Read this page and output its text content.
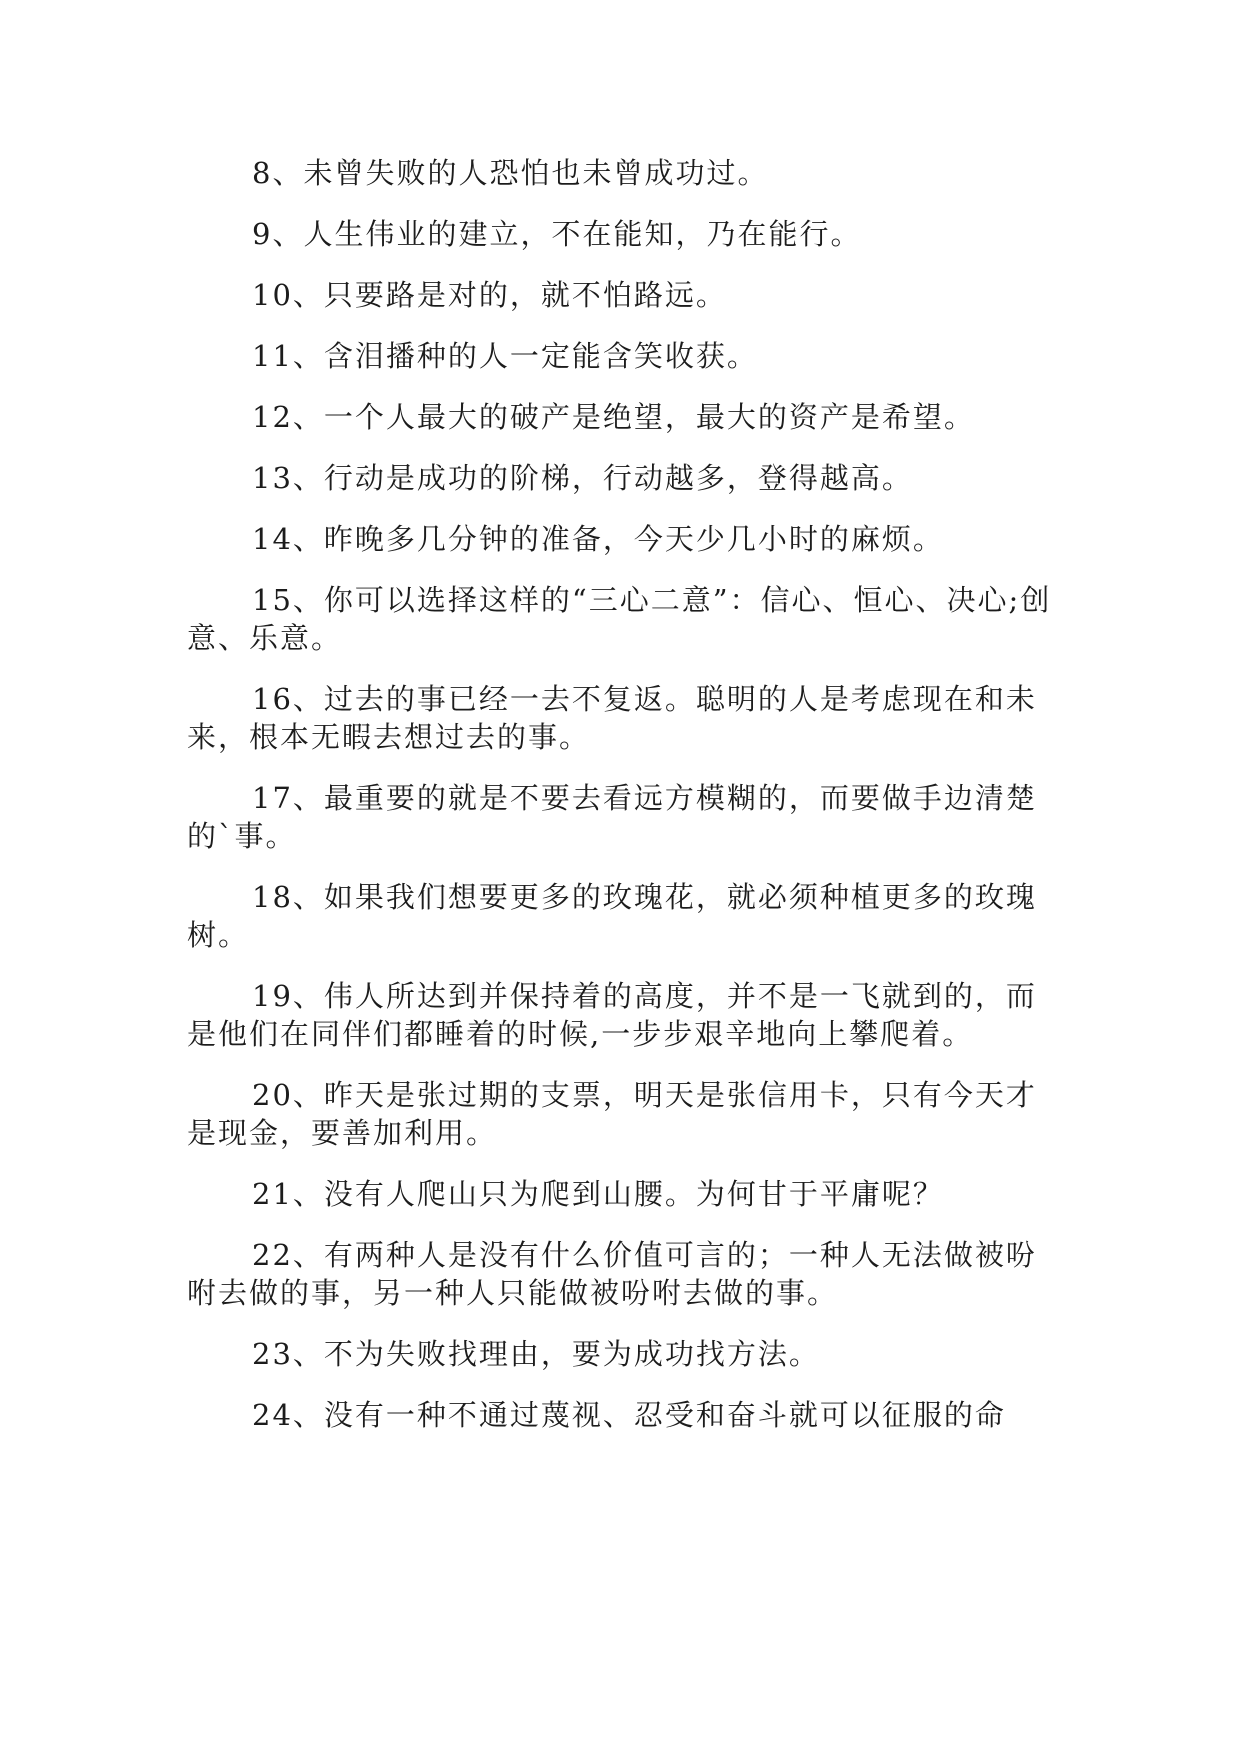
8、未曾失败的人恐怕也未曾成功过。

9、人生伟业的建立，不在能知，乃在能行。

10、只要路是对的，就不怕路远。

11、含泪播种的人一定能含笑收获。

12、一个人最大的破产是绝望，最大的资产是希望。

13、行动是成功的阶梯，行动越多，登得越高。

14、昨晚多几分钟的准备，今天少几小时的麻烦。

15、你可以选择这样的“三心二意”：信心、恒心、决心;创意、乐意。

16、过去的事已经一去不复返。聪明的人是考虑现在和未来，根本无暇去想过去的事。

17、最重要的就是不要去看远方模糊的，而要做手边清楚的`事。

18、如果我们想要更多的玫瑰花，就必须种植更多的玫瑰树。

19、伟人所达到并保持着的高度，并不是一飞就到的，而是他们在同伴们都睡着的时候,一步步艰辛地向上攀爬着。

20、昨天是张过期的支票，明天是张信用卡，只有今天才是现金，要善加利用。

21、没有人爬山只为爬到山腰。为何甘于平庸呢？

22、有两种人是没有什么价值可言的；一种人无法做被吩咐去做的事，另一种人只能做被吩咐去做的事。

23、不为失败找理由，要为成功找方法。

24、没有一种不通过蔑视、忍受和奋斗就可以征服的命
